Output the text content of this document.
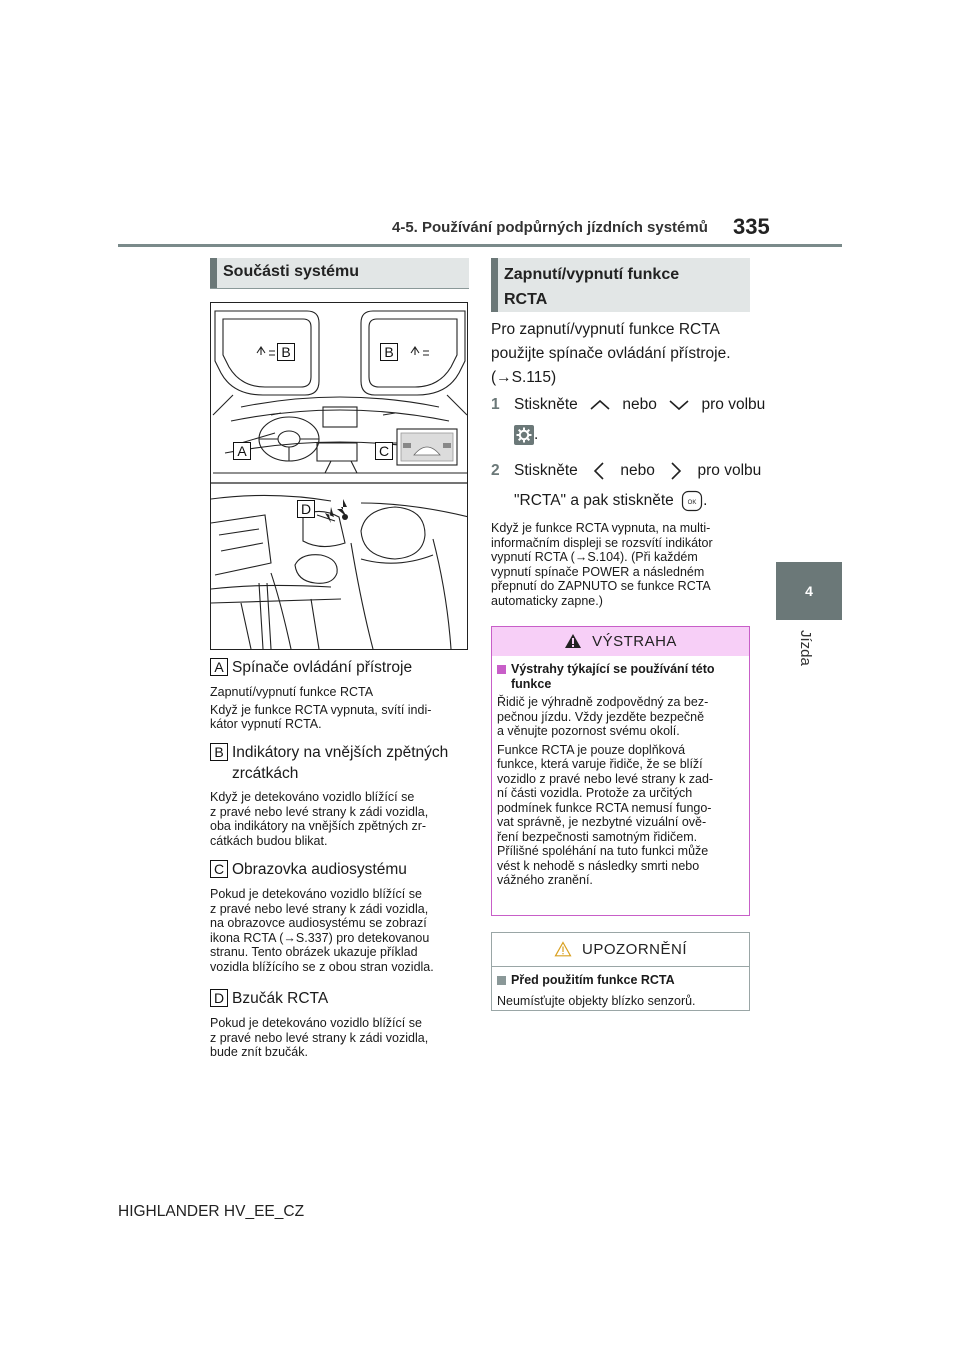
4-5. Používání podpůrných jízdních systémů 335
4
Jízda
Součásti systému
B	B
A	C
D
A Spínače ovládání přístroje
Zapnutí/vypnutí funkce RCTA
Když je funkce RCTA vypnuta, svítí indi-
kátor vypnutí RCTA.
B Indikátory na vnějších zpětných
zrcátkách
Když je detekováno vozidlo blížící se
z pravé nebo levé strany k zádi vozidla,
oba indikátory na vnějších zpětných zr-
cátkách budou blikat.
C Obrazovka audiosystému
Pokud je detekováno vozidlo blížící se
z pravé nebo levé strany k zádi vozidla,
na obrazovce audiosystému se zobrazí
ikona RCTA (→S.337) pro detekovanou
stranu. Tento obrázek ukazuje příklad
vozidla blížícího se z obou stran vozidla.
D Bzučák RCTA
Pokud je detekováno vozidlo blížící se
z pravé nebo levé strany k zádi vozidla,
bude znít bzučák.
Zapnutí/vypnutí funkce
RCTA
Pro zapnutí/vypnutí funkce RCTA
použijte spínače ovládání přístroje.
(→S.115)
1 Stiskněte	nebo	pro volbu
.
2 Stiskněte	nebo	pro volbu
"RCTA" a pak stiskněte OK .
Když je funkce RCTA vypnuta, na multi-
informačním displeji se rozsvítí indikátor
vypnutí RCTA (→S.104). (Při každém
vypnutí spínače POWER a následném
přepnutí do ZAPNUTO se funkce RCTA
automaticky zapne.)
VÝSTRAHA
Výstrahy týkající se používání této
funkce

Řidič je výhradně zodpovědný za bez-
pečnou jízdu. Vždy jezděte bezpečně
a věnujte pozornost svému okolí.

Funkce RCTA je pouze doplňková
funkce, která varuje řidiče, že se blíží
vozidlo z pravé nebo levé strany k zad-
ní části vozidla. Protože za určitých
podmínek funkce RCTA nemusí fungo-
vat správně, je nezbytné vizuální ově-
ření bezpečnosti samotným řidičem.
Přílišné spoléhání na tuto funkci může
vést k nehodě s následky smrti nebo
vážného zranění.

UPOZORNĚNÍ
Před použitím funkce RCTA
Neumísťujte objekty blízko senzorů.
HIGHLANDER HV_EE_CZ
